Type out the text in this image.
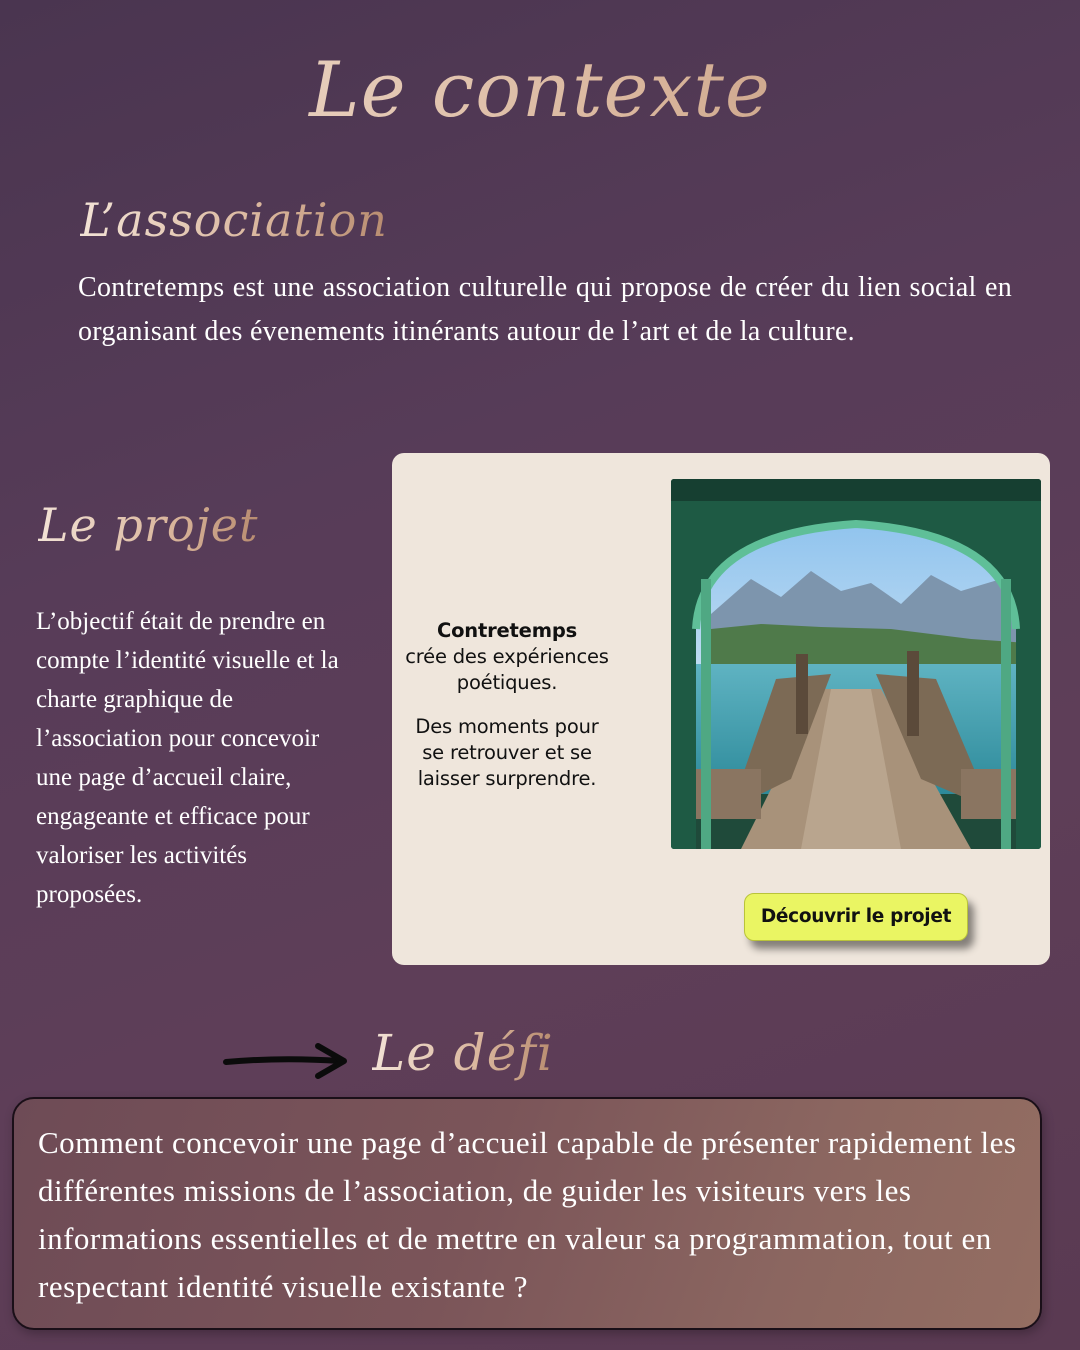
Le contexte
L’association
Contretemps est une association culturelle qui propose de créer du lien social en organisant des évenements itinérants autour de l’art et de la culture.
Le projet
L’objectif était de prendre en compte l’identité visuelle et la charte graphique de l’association pour concevoir une page d’accueil claire, engageante et efficace pour valoriser les activités proposées.

Contretemps
crée des expériences poétiques.

Des moments pour se retrouver et se laisser surprendre.

Découvrir le projet
Le défi
Comment concevoir une page d’accueil capable de présenter rapidement les différentes missions de l’association, de guider les visiteurs vers les informations essentielles et de mettre en valeur sa programmation, tout en respectant identité visuelle existante ?
